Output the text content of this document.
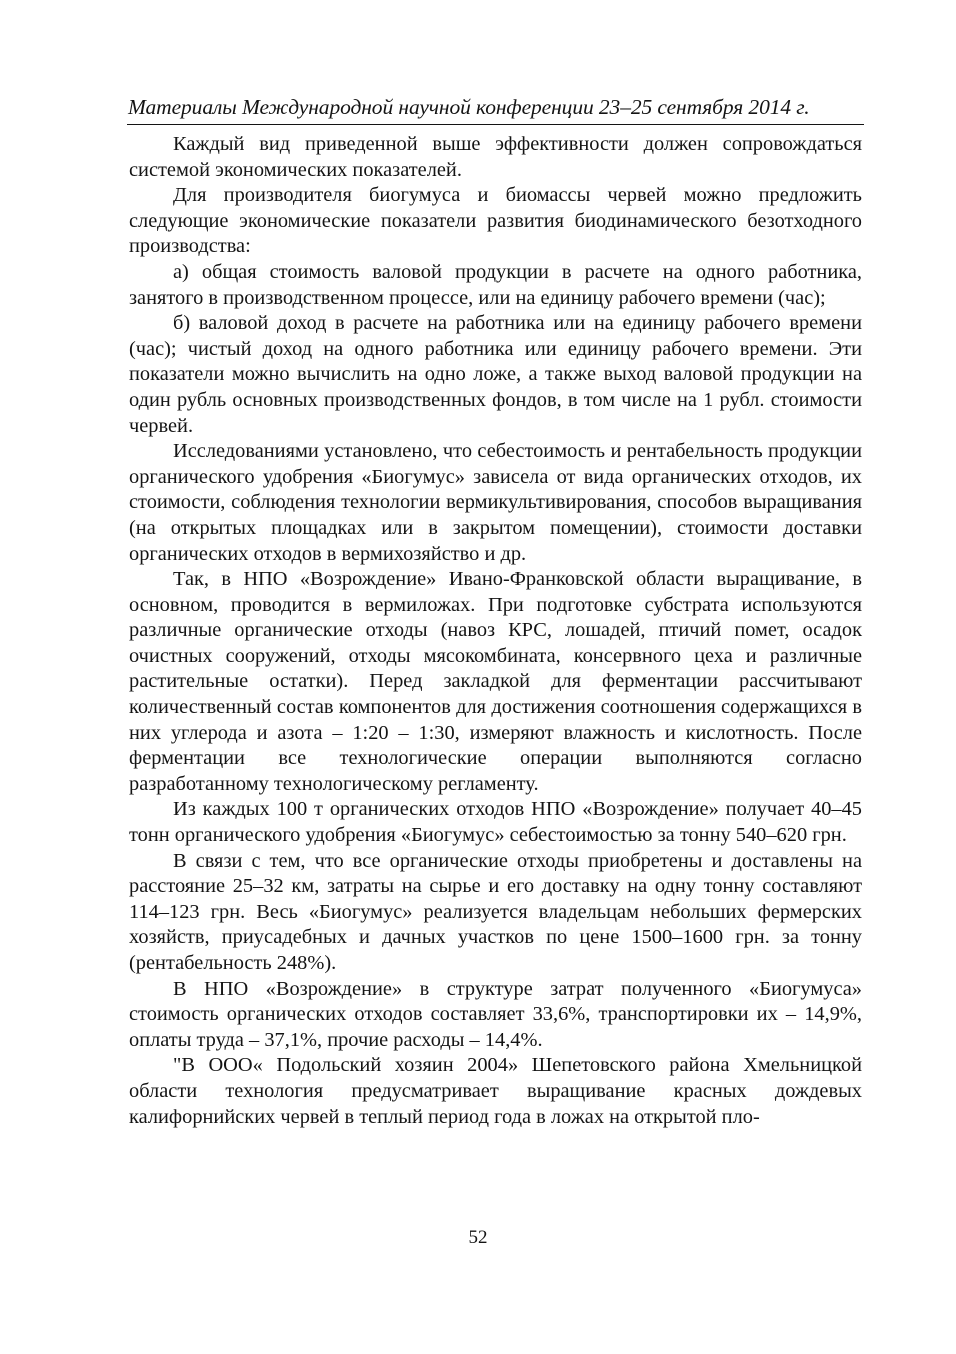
Материалы Международной научной конференции 23–25 сентября 2014 г.

Каждый вид приведенной выше эффективности должен сопровождаться системой экономических показателей.

Для производителя биогумуса и биомассы червей можно предложить следующие экономические показатели развития биодинамического безотходного производства:

а) общая стоимость валовой продукции в расчете на одного работника, занятого в производственном процессе, или на единицу рабочего времени (час);

б) валовой доход в расчете на работника или на единицу рабочего времени (час); чистый доход на одного работника или единицу рабочего времени. Эти показатели можно вычислить на одно ложе, а также выход валовой продукции на один рубль основных производственных фондов, в том числе на 1 рубл. стоимости червей.

Исследованиями установлено, что себестоимость и рентабельность продукции органического удобрения «Биогумус» зависела от вида органических отходов, их стоимости, соблюдения технологии вермикультивирования, способов выращивания (на открытых площадках или в закрытом помещении), стоимости доставки органических отходов в вермихозяйство и др.

Так, в НПО «Возрождение» Ивано-Франковской области выращивание, в основном, проводится в вермиложах. При подготовке субстрата используются различные органические отходы (навоз КРС, лошадей, птичий помет, осадок очистных сооружений, отходы мясокомбината, консервного цеха и различные растительные остатки). Перед закладкой для ферментации рассчитывают количественный состав компонентов для достижения соотношения содержащихся в них углерода и азота – 1:20 – 1:30, измеряют влажность и кислотность. После ферментации все технологические операции выполняются согласно разработанному технологическому регламенту.

Из каждых 100 т органических отходов НПО «Возрождение» получает 40–45 тонн органического удобрения «Биогумус» себестоимостью за тонну 540–620 грн.

В связи с тем, что все органические отходы приобретены и доставлены на расстояние 25–32 км, затраты на сырье и его доставку на одну тонну составляют 114–123 грн. Весь «Биогумус» реализуется владельцам небольших фермерских хозяйств, приусадебных и дачных участков по цене 1500–1600 грн. за тонну (рентабельность 248%).

В НПО «Возрождение» в структуре затрат полученного «Биогумуса» стоимость органических отходов составляет 33,6%, транспортировки их – 14,9%, оплаты труда – 37,1%, прочие расходы – 14,4%.

"В ООО« Подольский хозяин 2004» Шепетовского района Хмельницкой области технология предусматривает выращивание красных дождевых калифорнийских червей в теплый период года в ложах на открытой пло-

52
